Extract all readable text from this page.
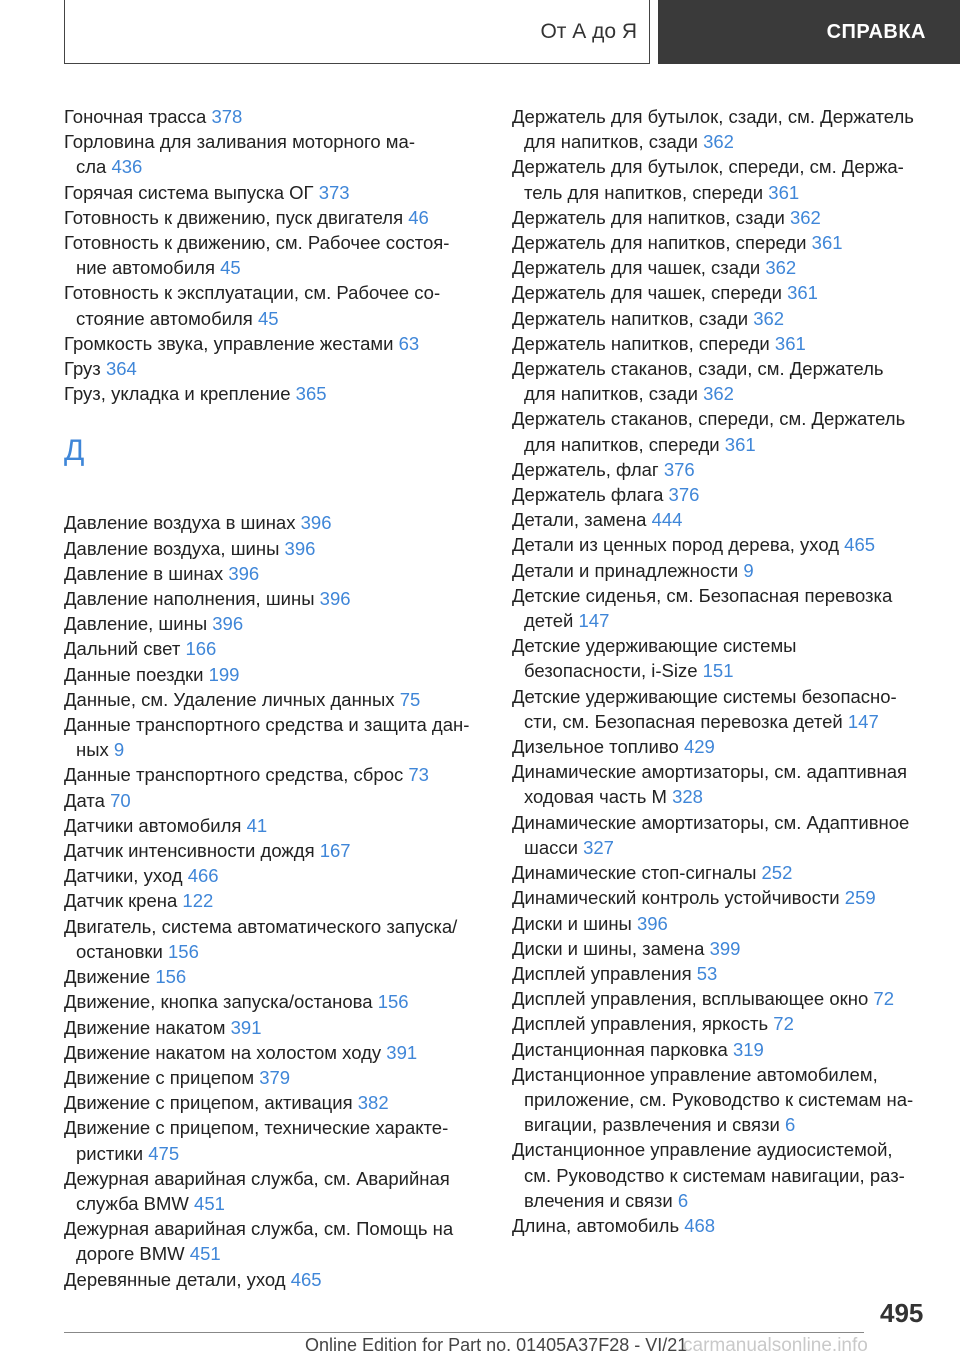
От А до Я	СПРАВКА
Гоночная трасса 378
Горловина для заливания моторного ма-
сла 436
Горячая система выпуска ОГ 373
Готовность к движению, пуск двигателя 46
Готовность к движению, см. Рабочее состоя-
ние автомобиля 45
Готовность к эксплуатации, см. Рабочее со-
стояние автомобиля 45
Громкость звука, управление жестами 63
Груз 364
Груз, укладка и крепление 365
Д
Давление воздуха в шинах 396
Давление воздуха, шины 396
Давление в шинах 396
Давление наполнения, шины 396
Давление, шины 396
Дальний свет 166
Данные поездки 199
Данные, см. Удаление личных данных 75
Данные транспортного средства и защита дан-
ных 9
Данные транспортного средства, сброс 73
Дата 70
Датчики автомобиля 41
Датчик интенсивности дождя 167
Датчики, уход 466
Датчик крена 122
Двигатель, система автоматического запуска/
остановки 156
Движение 156
Движение, кнопка запуска/останова 156
Движение накатом 391
Движение накатом на холостом ходу 391
Движение с прицепом 379
Движение с прицепом, активация 382
Движение с прицепом, технические характе-
ристики 475
Дежурная аварийная служба, см. Аварийная
служба BMW 451
Дежурная аварийная служба, см. Помощь на
дороге BMW 451
Деревянные детали, уход 465
Держатель для бутылок, сзади, см. Держатель
для напитков, сзади 362
Держатель для бутылок, спереди, см. Держа-
тель для напитков, спереди 361
Держатель для напитков, сзади 362
Держатель для напитков, спереди 361
Держатель для чашек, сзади 362
Держатель для чашек, спереди 361
Держатель напитков, сзади 362
Держатель напитков, спереди 361
Держатель стаканов, сзади, см. Держатель
для напитков, сзади 362
Держатель стаканов, спереди, см. Держатель
для напитков, спереди 361
Держатель, флаг 376
Держатель флага 376
Детали, замена 444
Детали из ценных пород дерева, уход 465
Детали и принадлежности 9
Детские сиденья, см. Безопасная перевозка
детей 147
Детские удерживающие системы
безопасности, i-Size 151
Детские удерживающие системы безопасно-
сти, см. Безопасная перевозка детей 147
Дизельное топливо 429
Динамические амортизаторы, см. адаптивная
ходовая часть M 328
Динамические амортизаторы, см. Адаптивное
шасси 327
Динамические стоп-сигналы 252
Динамический контроль устойчивости 259
Диски и шины 396
Диски и шины, замена 399
Дисплей управления 53
Дисплей управления, всплывающее окно 72
Дисплей управления, яркость 72
Дистанционная парковка 319
Дистанционное управление автомобилем,
приложение, см. Руководство к системам на-
вигации, развлечения и связи 6
Дистанционное управление аудиосистемой,
см. Руководство к системам навигации, раз-
влечения и связи 6
Длина, автомобиль 468
495
Online Edition for Part no. 01405A37F28 - VI/21
carmanualsonline.info
